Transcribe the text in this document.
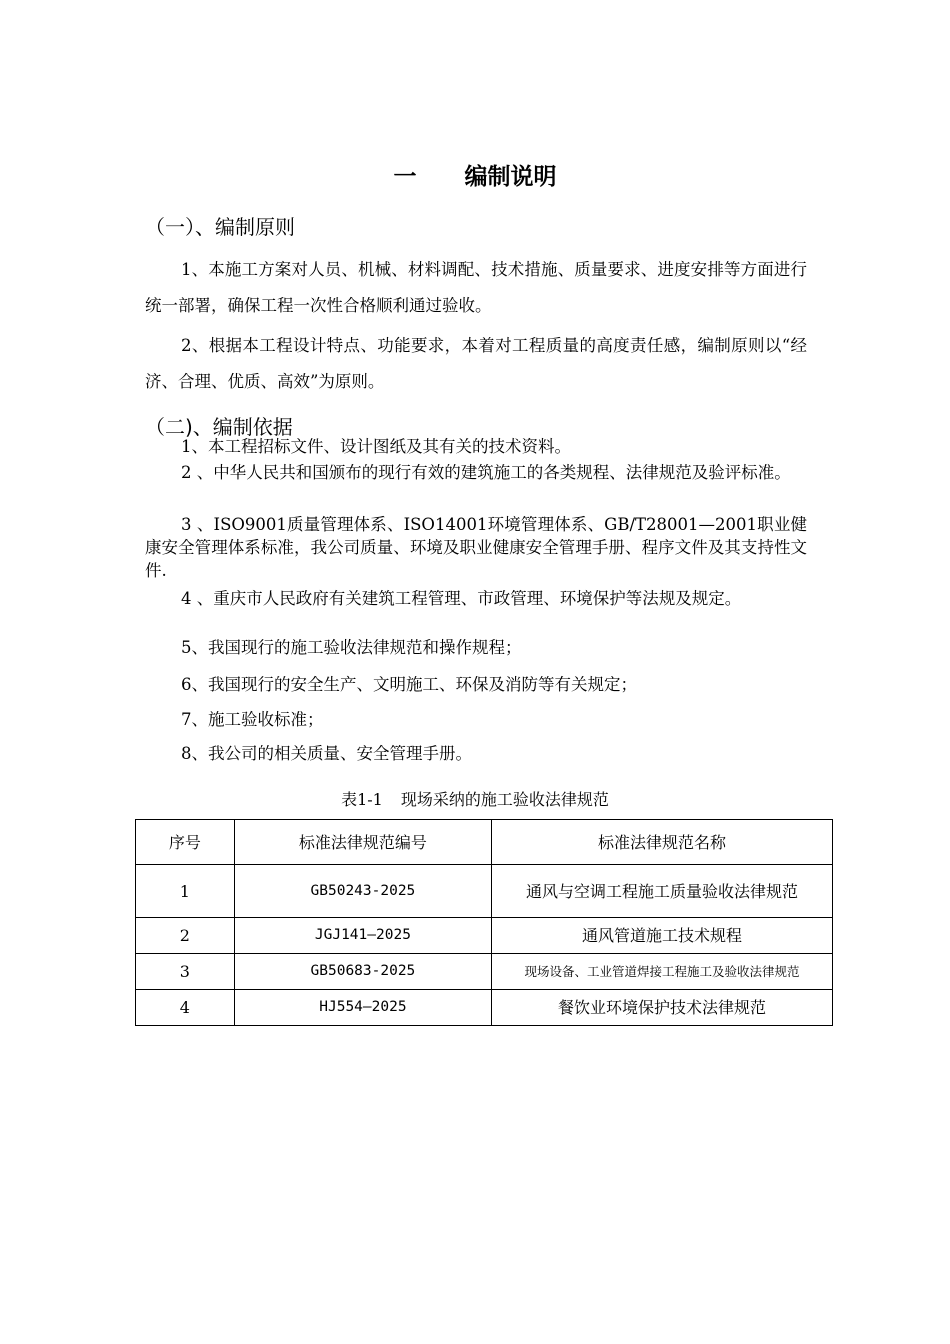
一 编制说明
（一）、编制原则
1、本施工方案对人员、机械、材料调配、技术措施、质量要求、进度安排等方面进行统一部署，确保工程一次性合格顺利通过验收。
2、根据本工程设计特点、功能要求，本着对工程质量的高度责任感，编制原则以“经济、合理、优质、高效”为原则。
（二)、编制依据
1、本工程招标文件、设计图纸及其有关的技术资料。
2 、中华人民共和国颁布的现行有效的建筑施工的各类规程、法律规范及验评标准。
3 、ISO9001质量管理体系、ISO14001环境管理体系、GB/T28001—2001职业健康安全管理体系标准，我公司质量、环境及职业健康安全管理手册、程序文件及其支持性文件.
4 、重庆市人民政府有关建筑工程管理、市政管理、环境保护等法规及规定。
5、我国现行的施工验收法律规范和操作规程；
6、我国现行的安全生产、文明施工、环保及消防等有关规定；
7、施工验收标准；
8、我公司的相关质量、安全管理手册。
表1-1 现场采纳的施工验收法律规范
序号	标准法律规范编号	标准法律规范名称
1	GB50243-2025	通风与空调工程施工质量验收法律规范
2	JGJ141—2025	通风管道施工技术规程
3	GB50683-2025	现场设备、工业管道焊接工程施工及验收法律规范
4	HJ554—2025	餐饮业环境保护技术法律规范
